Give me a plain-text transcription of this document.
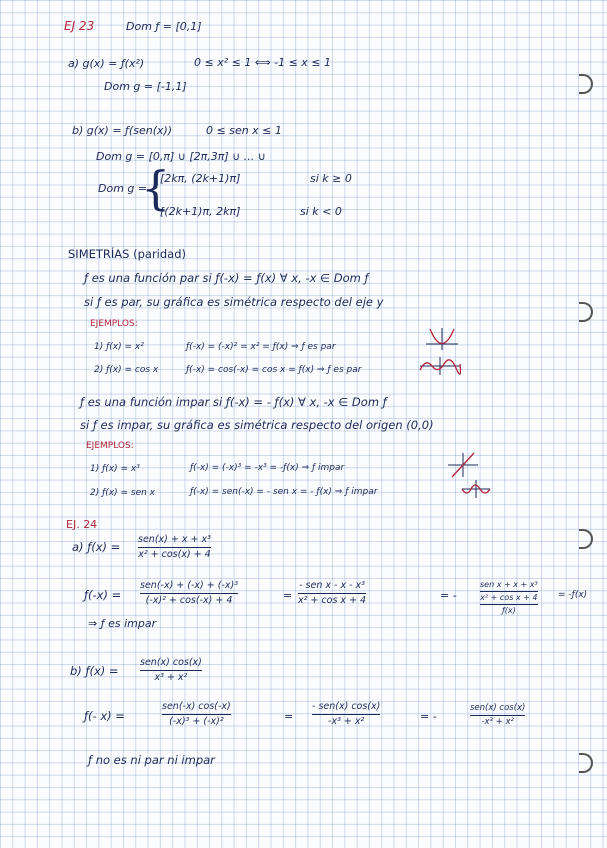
EJ 23	Dom ƒ = [0,1]
a) g(x) = ƒ(x²)	0 ≤ x² ≤ 1 ⟺ -1 ≤ x ≤ 1
Dom g = [-1,1]
b) g(x) = ƒ(sen(x))	0 ≤ sen x ≤ 1
Dom g = [0,π] ∪ [2π,3π] ∪ ... ∪
Dom g =
{
[2kπ, (2k+1)π]	si k ≥ 0
[(2k+1)π, 2kπ]	si k < 0
SIMETRÍAS (paridad)
ƒ es una función par si ƒ(-x) = ƒ(x) ∀ x, -x ∈ Dom ƒ
si ƒ es par, su gráfica es simétrica respecto del eje y
EJEMPLOS:
1) ƒ(x) = x²	ƒ(-x) = (-x)² = x² = ƒ(x) ⇒ ƒ es par
2) ƒ(x) = cos x	ƒ(-x) = cos(-x) = cos x = ƒ(x) ⇒ ƒ es par
ƒ es una función impar si ƒ(-x) = - ƒ(x) ∀ x, -x ∈ Dom ƒ
si ƒ es impar, su gráfica es simétrica respecto del origen (0,0)
EJEMPLOS:
1) ƒ(x) = x³	ƒ(-x) = (-x)³ = -x³ = -ƒ(x) ⇒ ƒ impar
2) ƒ(x) = sen x	ƒ(-x) = sen(-x) = - sen x = - ƒ(x) ⇒ ƒ impar
EJ. 24
a) ƒ(x) =
sen(x) + x + x³
x² + cos(x) + 4
ƒ(-x) =
sen(-x) + (-x) + (-x)³
(-x)² + cos(-x) + 4	=
- sen x - x - x³
x² + cos x + 4	= -
sen x + x + x³
x² + cos x + 4
ƒ(x)
= -ƒ(x)
⇒ ƒ es impar
b) ƒ(x) =
sen(x) cos(x)
x³ + x²
ƒ(- x) =
sen(-x) cos(-x)
(-x)³ + (-x)²	=
- sen(x) cos(x)
-x³ + x²	= -
sen(x) cos(x)
-x³ + x²
ƒ no es ni par ni impar
